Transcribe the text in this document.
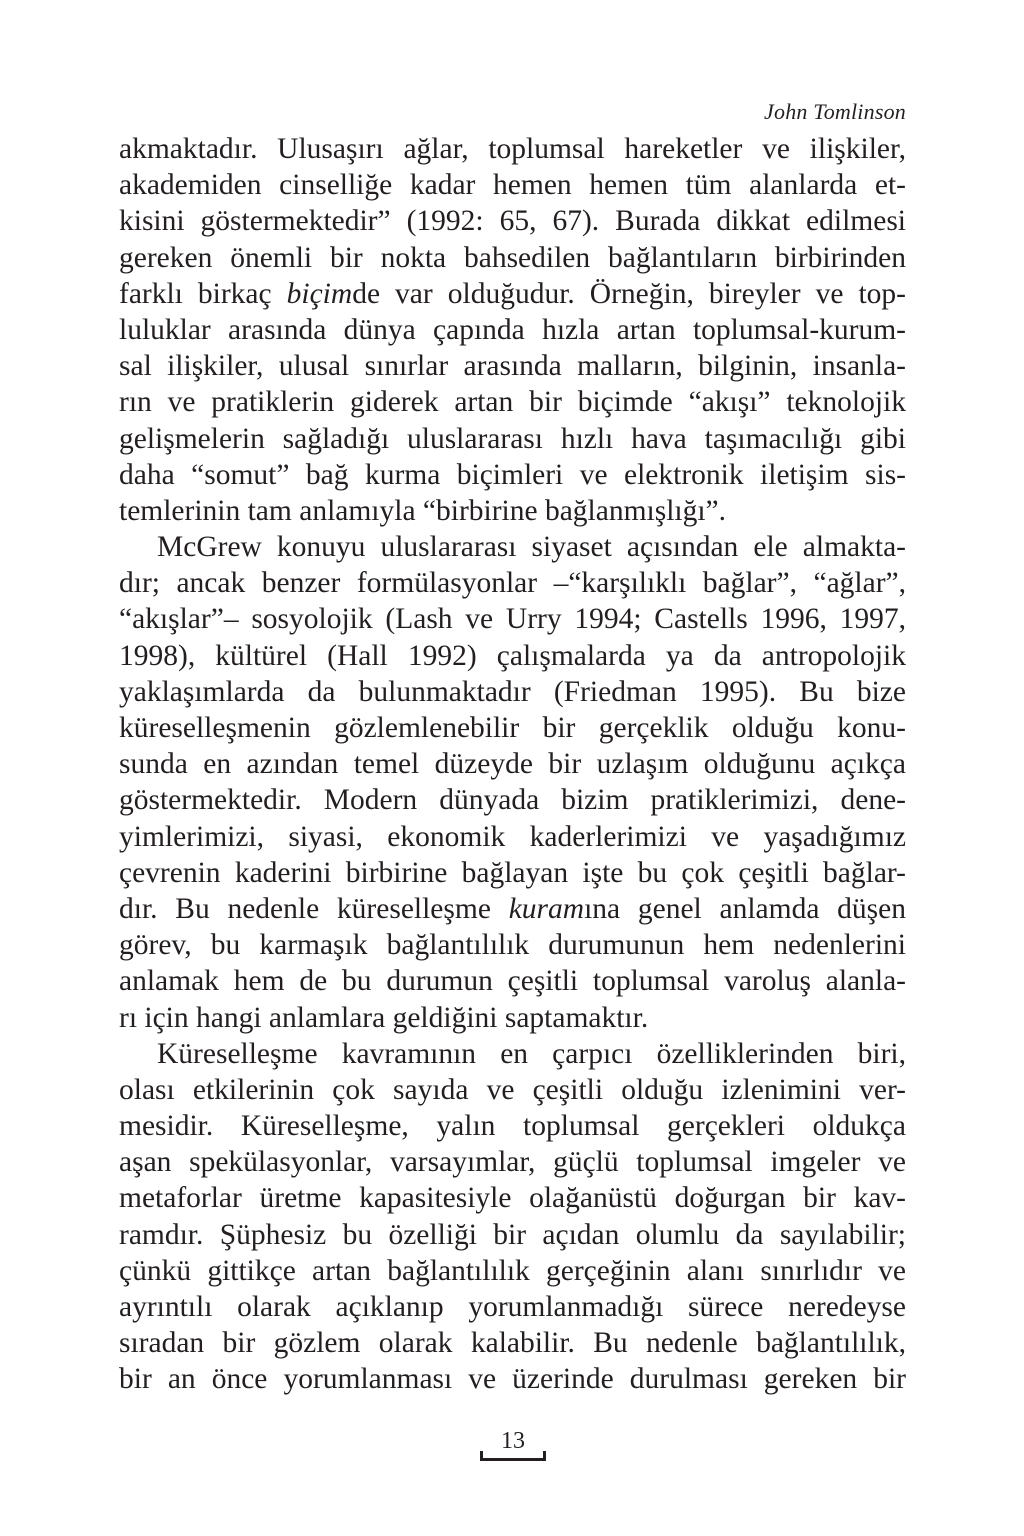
John Tomlinson
akmaktadır. Ulusaşırı ağlar, toplumsal hareketler ve ilişkiler,
akademiden cinselliğe kadar hemen hemen tüm alanlarda et-
kisini göstermektedir” (1992: 65, 67). Burada dikkat edilmesi
gereken önemli bir nokta bahsedilen bağlantıların birbirinden
farklı birkaç biçimde var olduğudur. Örneğin, bireyler ve top-
luluklar arasında dünya çapında hızla artan toplumsal-kurum-
sal ilişkiler, ulusal sınırlar arasında malların, bilginin, insanla-
rın ve pratiklerin giderek artan bir biçimde “akışı” teknolojik
gelişmelerin sağladığı uluslararası hızlı hava taşımacılığı gibi
daha “somut” bağ kurma biçimleri ve elektronik iletişim sis-
temlerinin tam anlamıyla “birbirine bağlanmışlığı”.
McGrew konuyu uluslararası siyaset açısından ele almakta-
dır; ancak benzer formülasyonlar –“karşılıklı bağlar”, “ağlar”,
“akışlar”– sosyolojik (Lash ve Urry 1994; Castells 1996, 1997,
1998), kültürel (Hall 1992) çalışmalarda ya da antropolojik
yaklaşımlarda da bulunmaktadır (Friedman 1995). Bu bize
küreselleşmenin gözlemlenebilir bir gerçeklik olduğu konu-
sunda en azından temel düzeyde bir uzlaşım olduğunu açıkça
göstermektedir. Modern dünyada bizim pratiklerimizi, dene-
yimlerimizi, siyasi, ekonomik kaderlerimizi ve yaşadığımız
çevrenin kaderini birbirine bağlayan işte bu çok çeşitli bağlar-
dır. Bu nedenle küreselleşme kuramına genel anlamda düşen
görev, bu karmaşık bağlantılılık durumunun hem nedenlerini
anlamak hem de bu durumun çeşitli toplumsal varoluş alanla-
rı için hangi anlamlara geldiğini saptamaktır.
Küreselleşme kavramının en çarpıcı özelliklerinden biri,
olası etkilerinin çok sayıda ve çeşitli olduğu izlenimini ver-
mesidir. Küreselleşme, yalın toplumsal gerçekleri oldukça
aşan spekülasyonlar, varsayımlar, güçlü toplumsal imgeler ve
metaforlar üretme kapasitesiyle olağanüstü doğurgan bir kav-
ramdır. Şüphesiz bu özelliği bir açıdan olumlu da sayılabilir;
çünkü gittikçe artan bağlantılılık gerçeğinin alanı sınırlıdır ve
ayrıntılı olarak açıklanıp yorumlanmadığı sürece neredeyse
sıradan bir gözlem olarak kalabilir. Bu nedenle bağlantılılık,
bir an önce yorumlanması ve üzerinde durulması gereken bir
13
